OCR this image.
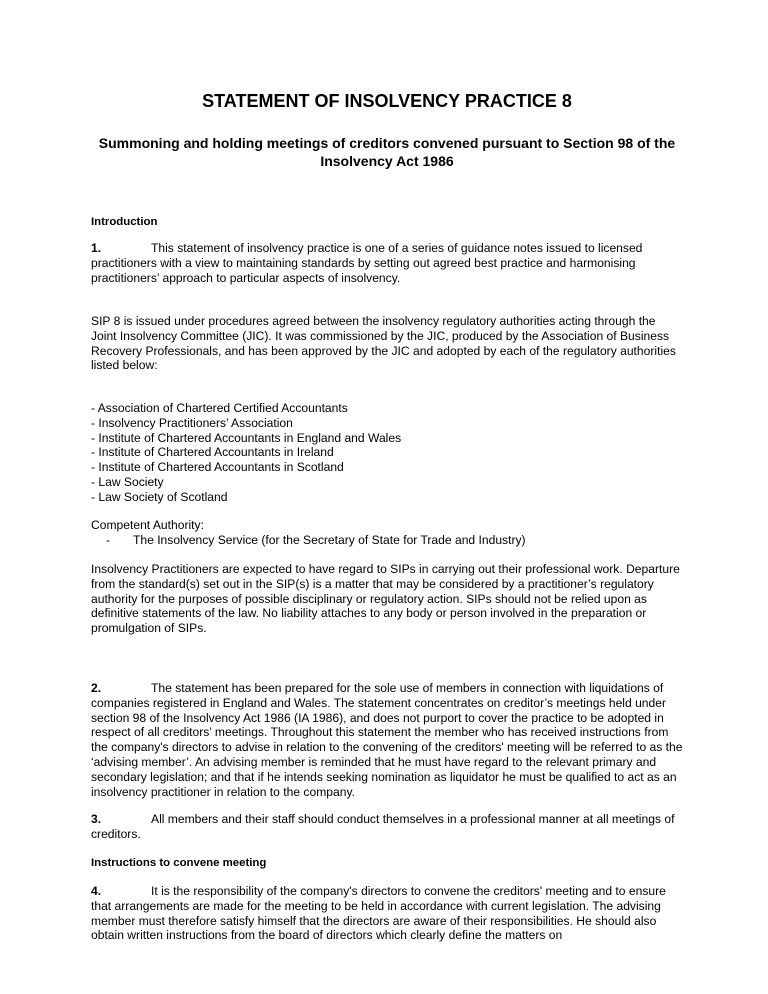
STATEMENT OF INSOLVENCY PRACTICE 8
Summoning and holding meetings of creditors convened pursuant to Section 98 of the Insolvency Act 1986

Introduction

1.	This statement of insolvency practice is one of a series of guidance notes issued to licensed practitioners with a view to maintaining standards by setting out agreed best practice and harmonising practitioners’ approach to particular aspects of insolvency.

SIP 8 is issued under procedures agreed between the insolvency regulatory authorities acting through the Joint Insolvency Committee (JIC). It was commissioned by the JIC, produced by the Association of Business Recovery Professionals, and has been approved by the JIC and adopted by each of the regulatory authorities listed below:

- Association of Chartered Certified Accountants
- Insolvency Practitioners’ Association
- Institute of Chartered Accountants in England and Wales
- Institute of Chartered Accountants in Ireland
- Institute of Chartered Accountants in Scotland
- Law Society
- Law Society of Scotland

Competent Authority:

- The Insolvency Service (for the Secretary of State for Trade and Industry)

Insolvency Practitioners are expected to have regard to SIPs in carrying out their professional work. Departure from the standard(s) set out in the SIP(s) is a matter that may be considered by a practitioner’s regulatory authority for the purposes of possible disciplinary or regulatory action. SIPs should not be relied upon as definitive statements of the law. No liability attaches to any body or person involved in the preparation or promulgation of SIPs.

2.	The statement has been prepared for the sole use of members in connection with liquidations of companies registered in England and Wales. The statement concentrates on creditor’s meetings held under section 98 of the Insolvency Act 1986 (IA 1986), and does not purport to cover the practice to be adopted in respect of all creditors’ meetings. Throughout this statement the member who has received instructions from the company's directors to advise in relation to the convening of the creditors' meeting will be referred to as the ‘advising member’. An advising member is reminded that he must have regard to the relevant primary and secondary legislation; and that if he intends seeking nomination as liquidator he must be qualified to act as an insolvency practitioner in relation to the company.

3.	All members and their staff should conduct themselves in a professional manner at all meetings of creditors.

Instructions to convene meeting

4.	It is the responsibility of the company's directors to convene the creditors' meeting and to ensure that arrangements are made for the meeting to be held in accordance with current legislation. The advising member must therefore satisfy himself that the directors are aware of their responsibilities. He should also obtain written instructions from the board of directors which clearly define the matters on
